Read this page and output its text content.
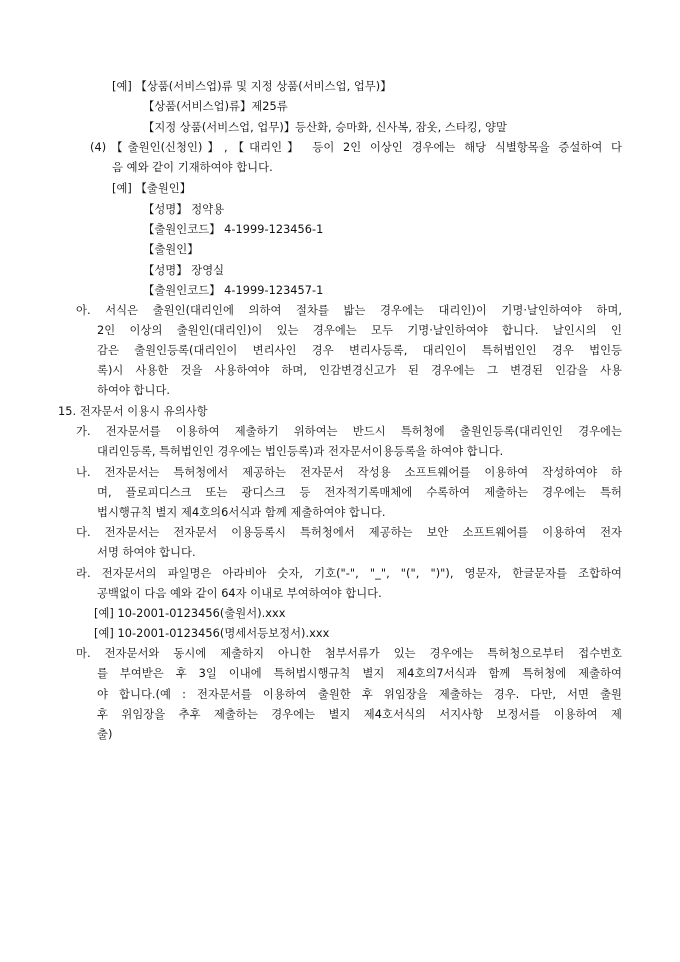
[예] 【상품(서비스업)류 및 지정 상품(서비스업, 업무)】
【상품(서비스업)류】제25류
【지정 상품(서비스업, 업무)】등산화, 승마화, 신사복, 잠옷, 스타킹, 양말
(4)【출원인(신청인)】,【대리인】 등이 2인 이상인 경우에는 해당 식별항목을 증설하여 다
음 예와 같이 기재하여야 합니다.
[예] 【출원인】
【성명】 정약용
【출원인코드】 4-1999-123456-1
【출원인】
【성명】 장영실
【출원인코드】 4-1999-123457-1
아. 서식은 출원인(대리인에 의하여 절차를 밟는 경우에는 대리인)이 기명·날인하여야 하며,
2인 이상의 출원인(대리인)이 있는 경우에는 모두 기명·날인하여야 합니다. 날인시의 인
감은 출원인등록(대리인이 변리사인 경우 변리사등록, 대리인이 특허법인인 경우 법인등
록)시 사용한 것을 사용하여야 하며, 인감변경신고가 된 경우에는 그 변경된 인감을 사용
하여야 합니다.
15. 전자문서 이용시 유의사항
가. 전자문서를 이용하여 제출하기 위하여는 반드시 특허청에 출원인등록(대리인인 경우에는
대리인등록, 특허법인인 경우에는 법인등록)과 전자문서이용등록을 하여야 합니다.
나. 전자문서는 특허청에서 제공하는 전자문서 작성용 소프트웨어를 이용하여 작성하여야 하
며, 플로피디스크 또는 광디스크 등 전자적기록매체에 수록하여 제출하는 경우에는 특허
법시행규칙 별지 제4호의6서식과 함께 제출하여야 합니다.
다. 전자문서는 전자문서 이용등록시 특허청에서 제공하는 보안 소프트웨어를 이용하여 전자
서명 하여야 합니다.
라. 전자문서의 파일명은 아라비아 숫자, 기호("-", "_", "(", ")"), 영문자, 한글문자를 조합하여
공백없이 다음 예와 같이 64자 이내로 부여하여야 합니다.
[예] 10-2001-0123456(출원서).xxx
[예] 10-2001-0123456(명세서등보정서).xxx
마. 전자문서와 동시에 제출하지 아니한 첨부서류가 있는 경우에는 특허청으로부터 접수번호
를 부여받은 후 3일 이내에 특허법시행규칙 별지 제4호의7서식과 함께 특허청에 제출하여
야 합니다.(예 : 전자문서를 이용하여 출원한 후 위임장을 제출하는 경우. 다만, 서면 출원
후 위임장을 추후 제출하는 경우에는 별지 제4호서식의 서지사항 보정서를 이용하여 제
출)
